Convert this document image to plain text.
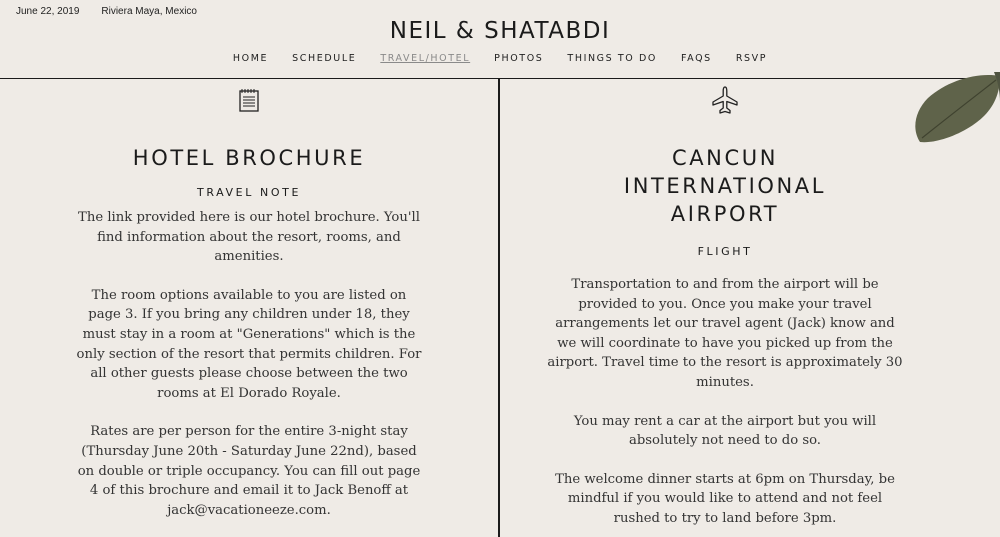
June 22, 2019 Riviera Maya, Mexico
NEIL & SHATABDI
HOME	SCHEDULE	TRAVEL/HOTEL	PHOTOS	THINGS TO DO	FAQS	RSVP
HOTEL BROCHURE
TRAVEL NOTE

The link provided here is our hotel brochure. You'll find information about the resort, rooms, and amenities.

The room options available to you are listed on page 3. If you bring any children under 18, they must stay in a room at "Generations" which is the only section of the resort that permits children. For all other guests please choose between the two rooms at El Dorado Royale.

Rates are per person for the entire 3-night stay (Thursday June 20th - Saturday June 22nd), based on double or triple occupancy. You can fill out page 4 of this brochure and email it to Jack Benoff at jack@vacationeeze.com.

CANCUN
INTERNATIONAL
AIRPORT
FLIGHT

Transportation to and from the airport will be provided to you. Once you make your travel arrangements let our travel agent (Jack) know and we will coordinate to have you picked up from the airport. Travel time to the resort is approximately 30 minutes.

You may rent a car at the airport but you will absolutely not need to do so.

The welcome dinner starts at 6pm on Thursday, be mindful if you would like to attend and not feel rushed to try to land before 3pm.
